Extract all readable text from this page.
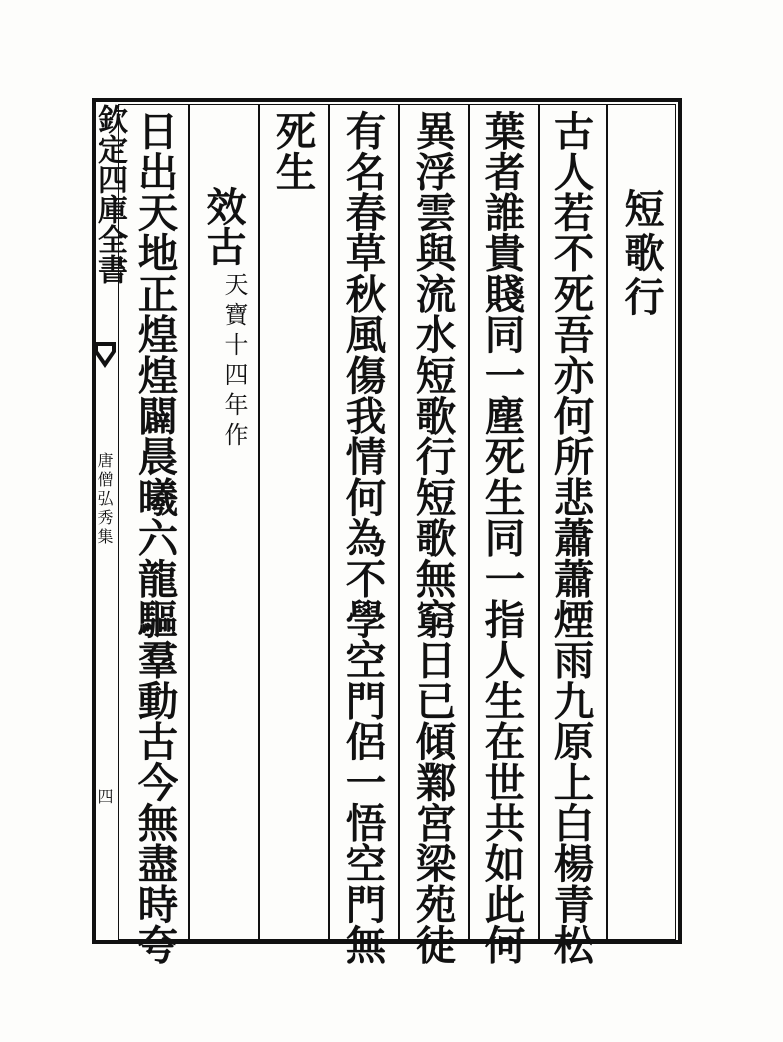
欽定四庫全書
唐僧弘秀集
四
短歌行
古人若不死吾亦何所悲蕭蕭煙雨九原上白楊青松
葉者誰貴賤同一塵死生同一指人生在世共如此何
異浮雲與流水短歌行短歌無窮日已傾鄴宮梁苑徒
有名春草秋風傷我情何為不學空門侶一悟空門無
死生
效古
天寶十四年作
日出天地正煌煌闢晨曦六龍驅羣動古今無盡時夸
